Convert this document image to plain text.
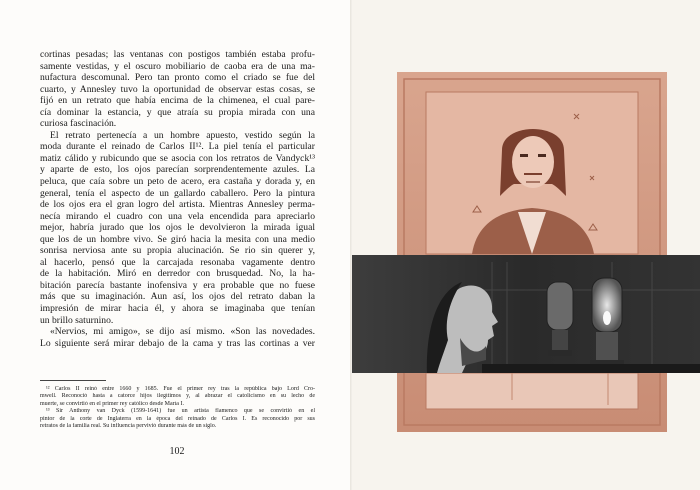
cortinas pesadas; las ventanas con postigos también estaba profu-
samente vestidas, y el oscuro mobiliario de caoba era de una ma-
nufactura descomunal. Pero tan pronto como el criado se fue del
cuarto, y Annesley tuvo la oportunidad de observar estas cosas, se
fijó en un retrato que había encima de la chimenea, el cual pare-
cía dominar la estancia, y que atraía su propia mirada con una
curiosa fascinación.
El retrato pertenecía a un hombre apuesto, vestido según la
moda durante el reinado de Carlos II¹². La piel tenía el particular
matiz cálido y rubicundo que se asocia con los retratos de Vandyck¹³
y aparte de esto, los ojos parecían sorprendentemente azules. La
peluca, que caía sobre un peto de acero, era castaña y dorada y, en
general, tenía el aspecto de un gallardo caballero. Pero la pintura
de los ojos era el gran logro del artista. Mientras Annesley perma-
necía mirando el cuadro con una vela encendida para apreciarlo
mejor, habría jurado que los ojos le devolvieron la mirada igual
que los de un hombre vivo. Se giró hacia la mesita con una medio
sonrisa nerviosa ante su propia alucinación. Se rio sin querer y,
al hacerlo, pensó que la carcajada resonaba vagamente dentro
de la habitación. Miró en derredor con brusquedad. No, la ha-
bitación parecía bastante inofensiva y era probable que no fuese
más que su imaginación. Aun así, los ojos del retrato daban la
impresión de mirar hacia él, y ahora se imaginaba que tenían
un brillo saturnino.
«Nervios, mi amigo», se dijo así mismo. «Son las novedades.
Lo siguiente será mirar debajo de la cama y tras las cortinas a ver
¹² Carlos II reinó entre 1660 y 1685. Fue el primer rey tras la república bajo Lord Cro-
mwell. Reconoció hasta a catorce hijos ilegítimos y, al abrazar el catolicismo en su lecho de
muerte, se convirtió en el primer rey católico desde María I.
¹³ Sir Anthony van Dyck (1599-1641) fue un artista flamenco que se convirtió en el
pintor de la corte de Inglaterra en la época del reinado de Carlos I. Es reconocido por sus
retratos de la familia real. Su influencia pervivió durante más de un siglo.
102
